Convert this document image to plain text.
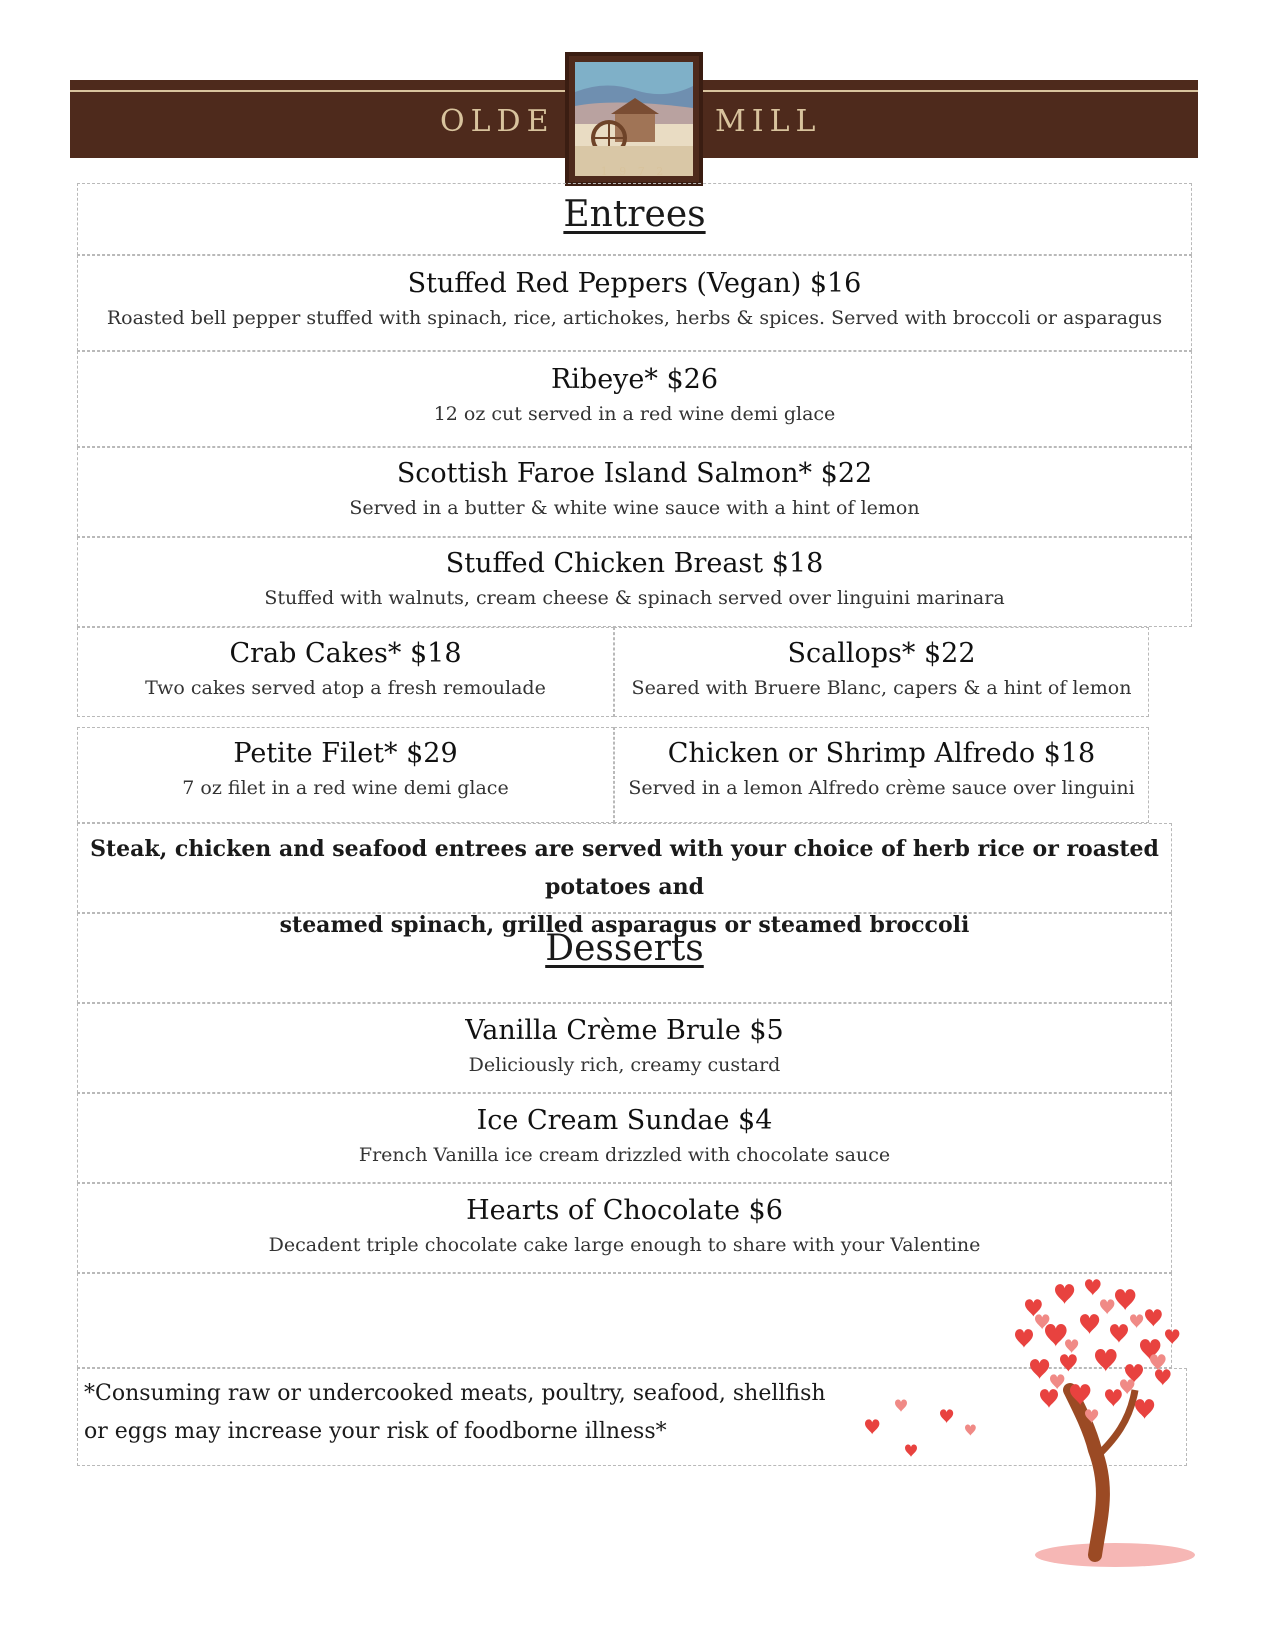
OLDE	MILL
1 9 7 2
Entrees
Stuffed Red Peppers (Vegan) $16
Roasted bell pepper stuffed with spinach, rice, artichokes, herbs & spices. Served with broccoli or asparagus
Ribeye* $26
12 oz cut served in a red wine demi glace
Scottish Faroe Island Salmon* $22
Served in a butter & white wine sauce with a hint of lemon
Stuffed Chicken Breast $18
Stuffed with walnuts, cream cheese & spinach served over linguini marinara
Crab Cakes* $18
Two cakes served atop a fresh remoulade
Scallops* $22
Seared with Bruere Blanc, capers & a hint of lemon
Petite Filet* $29
7 oz filet in a red wine demi glace
Chicken or Shrimp Alfredo $18
Served in a lemon Alfredo crème sauce over linguini
Steak, chicken and seafood entrees are served with your choice of herb rice or roasted potatoes and
steamed spinach, grilled asparagus or steamed broccoli
Desserts
Vanilla Crème Brule $5
Deliciously rich, creamy custard
Ice Cream Sundae $4
French Vanilla ice cream drizzled with chocolate sauce
Hearts of Chocolate $6
Decadent triple chocolate cake large enough to share with your Valentine
*Consuming raw or undercooked meats, poultry, seafood, shellfish
or eggs may increase your risk of foodborne illness*
